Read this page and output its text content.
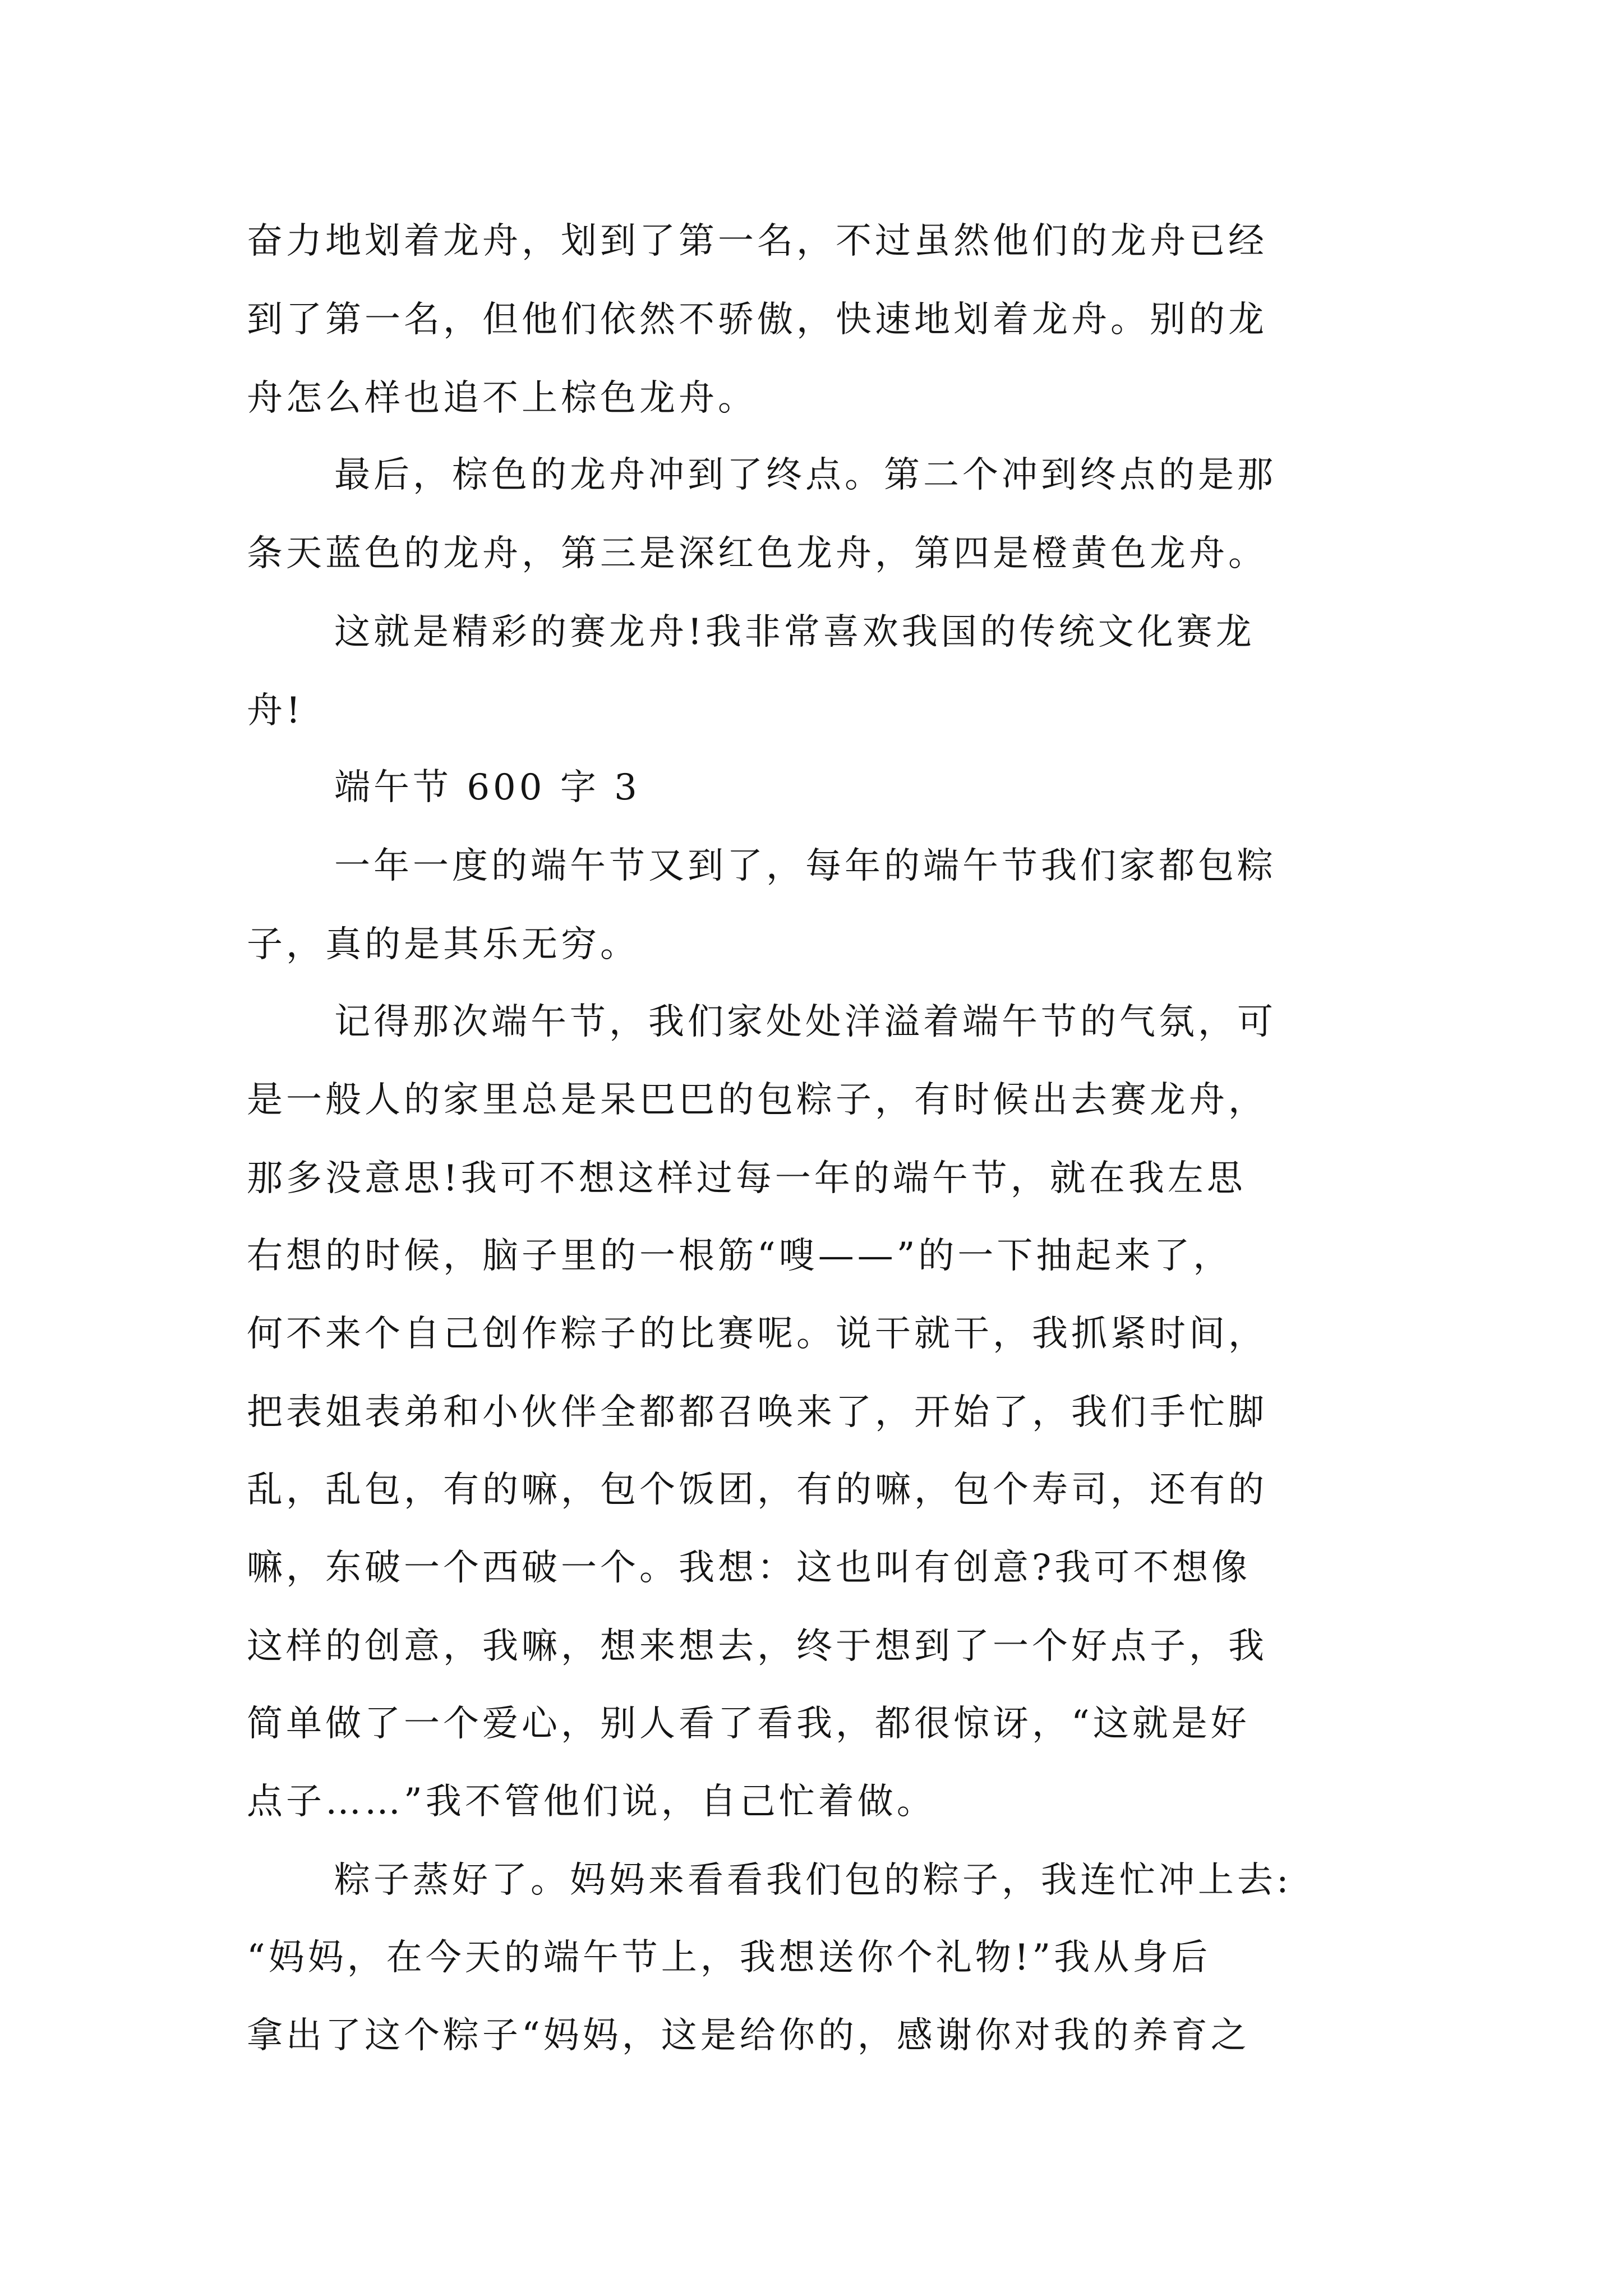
奋力地划着龙舟，划到了第一名，不过虽然他们的龙舟已经
到了第一名，但他们依然不骄傲，快速地划着龙舟。别的龙
舟怎么样也追不上棕色龙舟。
最后，棕色的龙舟冲到了终点。第二个冲到终点的是那
条天蓝色的龙舟，第三是深红色龙舟，第四是橙黄色龙舟。
这就是精彩的赛龙舟!我非常喜欢我国的传统文化赛龙
舟!
端午节 600 字 3
一年一度的端午节又到了，每年的端午节我们家都包粽
子，真的是其乐无穷。
记得那次端午节，我们家处处洋溢着端午节的气氛，可
是一般人的家里总是呆巴巴的包粽子，有时候出去赛龙舟，
那多没意思!我可不想这样过每一年的端午节，就在我左思
右想的时候，脑子里的一根筋“嗖——”的一下抽起来了，
何不来个自己创作粽子的比赛呢。说干就干，我抓紧时间，
把表姐表弟和小伙伴全都都召唤来了，开始了，我们手忙脚
乱，乱包，有的嘛，包个饭团，有的嘛，包个寿司，还有的
嘛，东破一个西破一个。我想：这也叫有创意?我可不想像
这样的创意，我嘛，想来想去，终于想到了一个好点子，我
简单做了一个爱心，别人看了看我，都很惊讶，“这就是好
点子……”我不管他们说，自己忙着做。
粽子蒸好了。妈妈来看看我们包的粽子，我连忙冲上去:
“妈妈，在今天的端午节上，我想送你个礼物!”我从身后
拿出了这个粽子“妈妈，这是给你的，感谢你对我的养育之
